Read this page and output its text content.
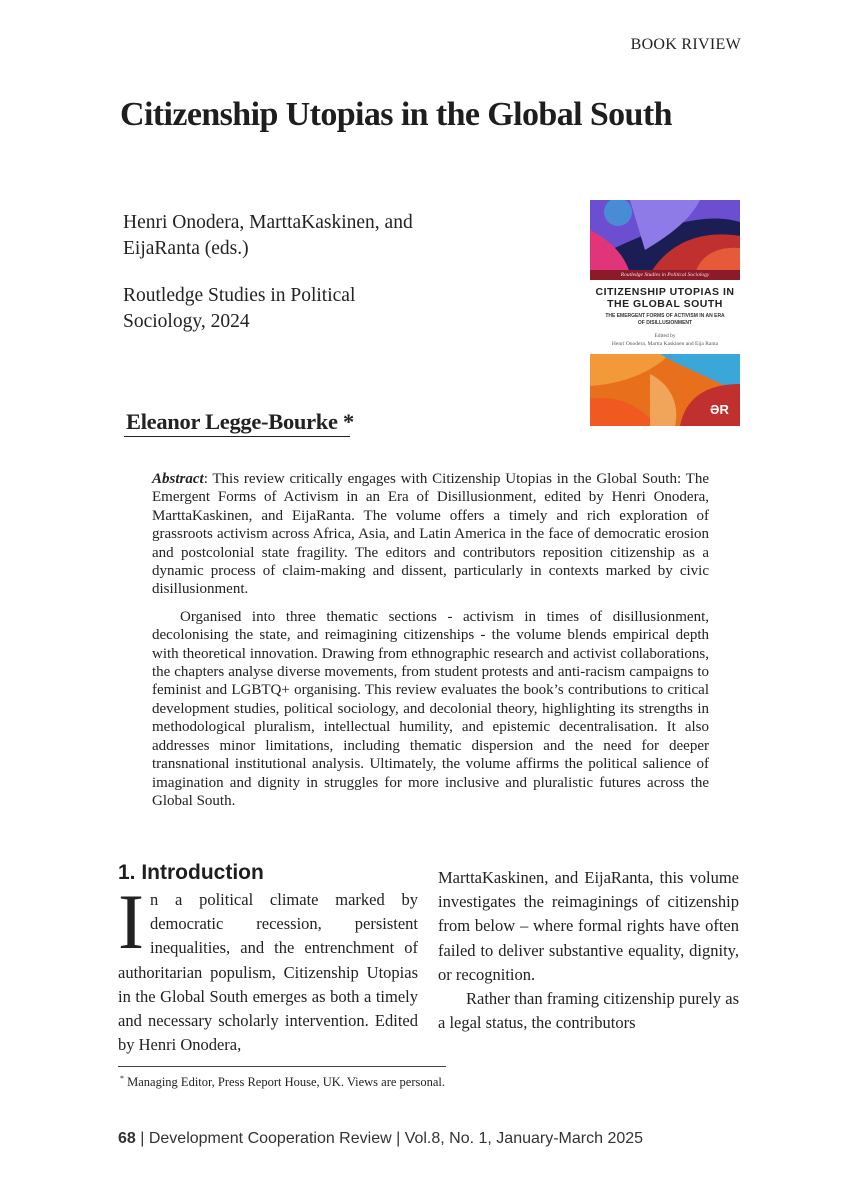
BOOK RIVIEW
Citizenship Utopias in the Global South

Henri Onodera, MarttaKaskinen, and EijaRanta (eds.)

Routledge Studies in Political Sociology, 2024

Routledge Studies in Political Sociology
CITIZENSHIP UTOPIAS IN
THE GLOBAL SOUTH
THE EMERGENT FORMS OF ACTIVISM IN AN ERA
OF DISILLUSIONMENT
Edited by
Henri Onodera, Martta Kaskinen and Eija Ranta
ƏR
Eleanor Legge-Bourke *

Abstract: This review critically engages with Citizenship Utopias in the Global South: The Emergent Forms of Activism in an Era of Disillusionment, edited by Henri Onodera, MarttaKaskinen, and EijaRanta. The volume offers a timely and rich exploration of grassroots activism across Africa, Asia, and Latin America in the face of democratic erosion and postcolonial state fragility. The editors and contributors reposition citizenship as a dynamic process of claim-making and dissent, particularly in contexts marked by civic disillusionment.

Organised into three thematic sections - activism in times of disillusionment, decolonising the state, and reimagining citizenships - the volume blends empirical depth with theoretical innovation. Drawing from ethnographic research and activist collaborations, the chapters analyse diverse movements, from student protests and anti-racism campaigns to feminist and LGBTQ+ organising. This review evaluates the book’s contributions to critical development studies, political sociology, and decolonial theory, highlighting its strengths in methodological pluralism, intellectual humility, and epistemic decentralisation. It also addresses minor limitations, including thematic dispersion and the need for deeper transnational institutional analysis. Ultimately, the volume affirms the political salience of imagination and dignity in struggles for more inclusive and pluralistic futures across the Global South.

1. Introduction

In a political climate marked by democratic recession, persistent inequalities, and the entrenchment of authoritarian populism, Citizenship Utopias in the Global South emerges as both a timely and necessary scholarly intervention. Edited by Henri Onodera,

MarttaKaskinen, and EijaRanta, this volume investigates the reimaginings of citizenship from below – where formal rights have often failed to deliver substantive equality, dignity, or recognition.

Rather than framing citizenship purely as a legal status, the contributors

* Managing Editor, Press Report House, UK. Views are personal.
68 | Development Cooperation Review | Vol.8, No. 1, January-March 2025
